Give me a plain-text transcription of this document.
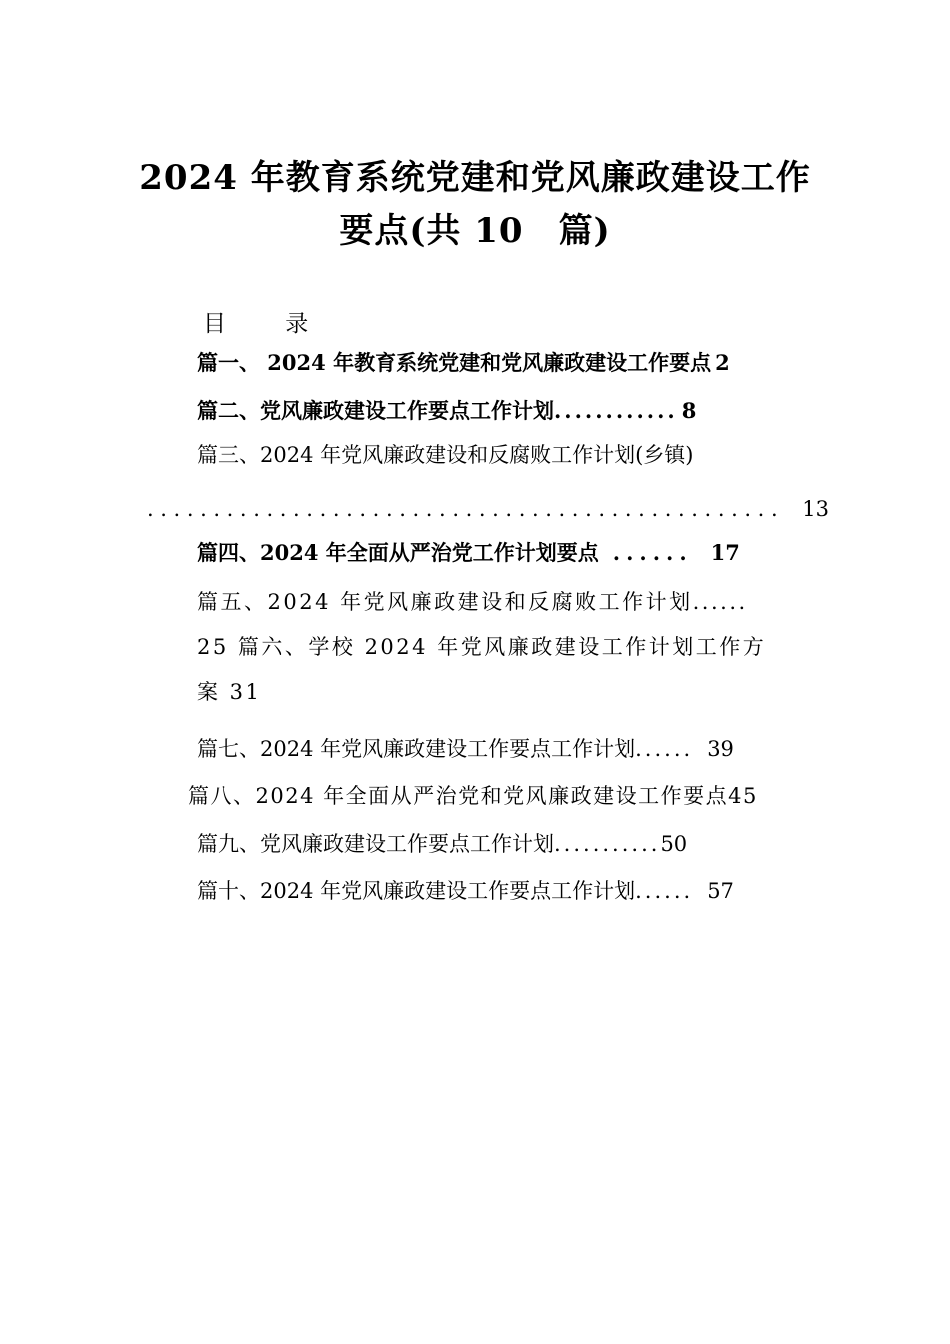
2024 年教育系统党建和党风廉政建设工作
要点(共 10　篇)
目 录
篇一、 2024 年教育系统党建和党风廉政建设工作要点 2
篇二、党风廉政建设工作要点工作计划............ 8
篇三、2024 年党风廉政建设和反腐败工作计划(乡镇)
................................................ 13
篇四、2024 年全面从严治党工作计划要点 ...... 17
篇五、2024 年党风廉政建设和反腐败工作计划......
25 篇六、学校 2024 年党风廉政建设工作计划工作方
案 31
篇七、2024 年党风廉政建设工作要点工作计划...... 39
篇八、2024 年全面从严治党和党风廉政建设工作要点45
篇九、党风廉政建设工作要点工作计划...........50
篇十、2024 年党风廉政建设工作要点工作计划...... 57
